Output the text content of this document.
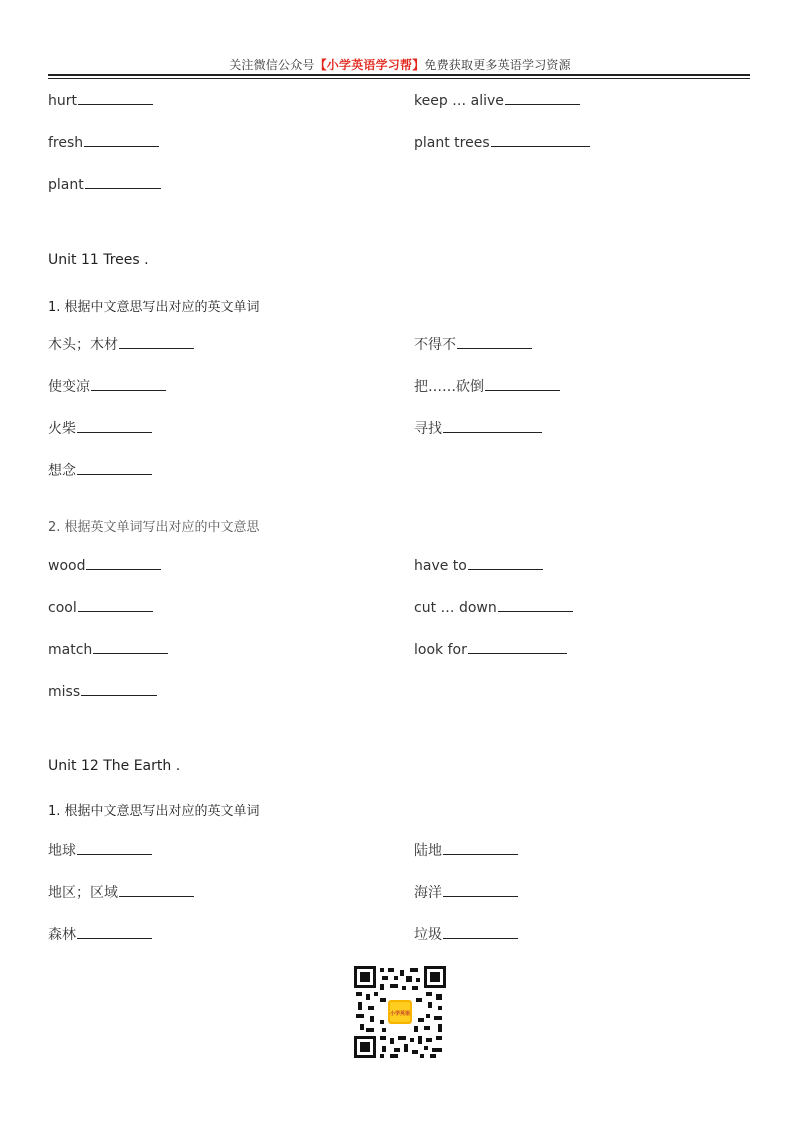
关注微信公众号【小学英语学习帮】免费获取更多英语学习资源
hurt	keep … alive
fresh	plant trees
plant
Unit 11 Trees .
1. 根据中文意思写出对应的英文单词
木头；木材	不得不
使变凉	把……砍倒
火柴	寻找
想念
2. 根据英文单词写出对应的中文意思
wood	have to
cool	cut … down
match	look for
miss
Unit 12 The Earth .
1. 根据中文意思写出对应的英文单词
地球	陆地
地区；区域	海洋
森林	垃圾
小学英语
